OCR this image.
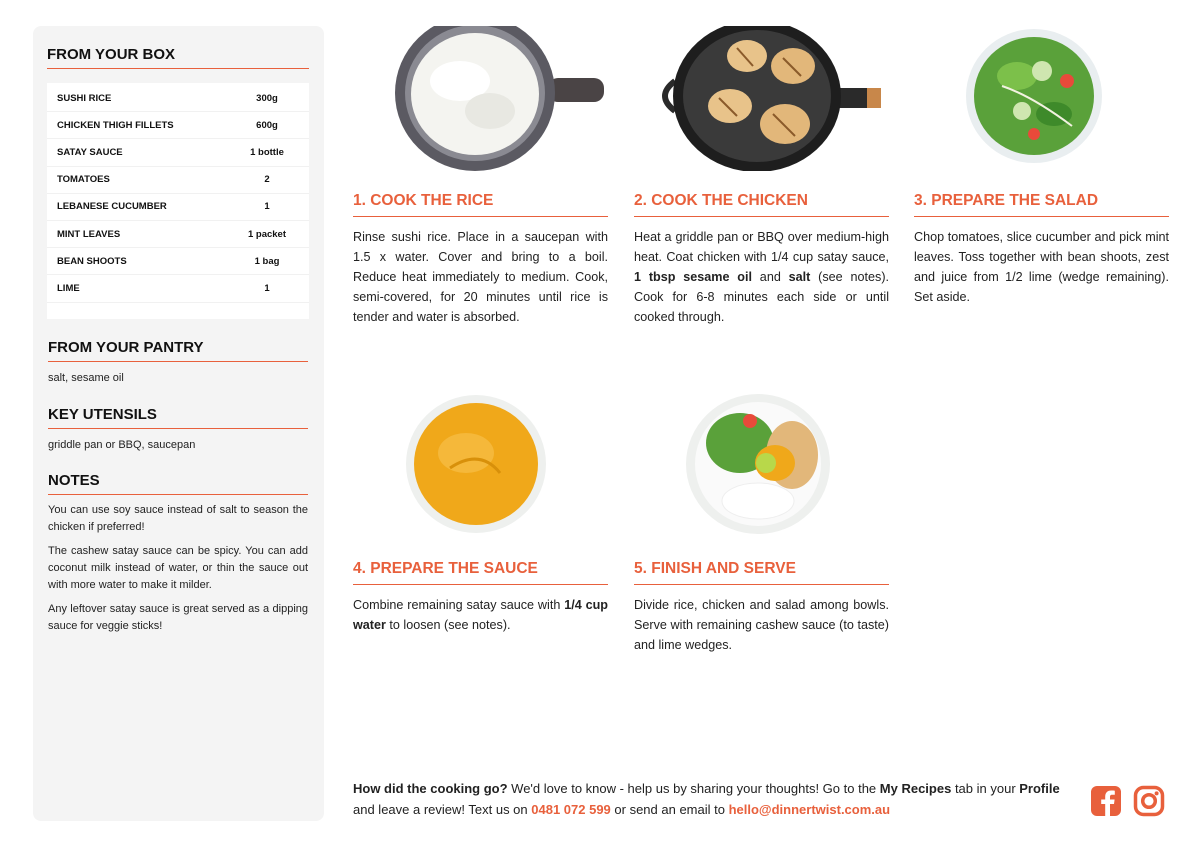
FROM YOUR BOX
SUSHI RICE	300g
CHICKEN THIGH FILLETS	600g
SATAY SAUCE	1 bottle
TOMATOES	2
LEBANESE CUCUMBER	1
MINT LEAVES	1 packet
BEAN SHOOTS	1 bag
LIME	1
FROM YOUR PANTRY
salt, sesame oil
KEY UTENSILS
griddle pan or BBQ, saucepan
NOTES

You can use soy sauce instead of salt to season the chicken if preferred!

The cashew satay sauce can be spicy. You can add coconut milk instead of water, or thin the sauce out with more water to make it milder.

Any leftover satay sauce is great served as a dipping sauce for veggie sticks!

1. COOK THE RICE
Rinse sushi rice. Place in a saucepan with 1.5 x water. Cover and bring to a boil. Reduce heat immediately to medium. Cook, semi-covered, for 20 minutes until rice is tender and water is absorbed.
2. COOK THE CHICKEN
Heat a griddle pan or BBQ over medium-high heat. Coat chicken with 1/4 cup satay sauce, 1 tbsp sesame oil and salt (see notes). Cook for 6-8 minutes each side or until cooked through.
3. PREPARE THE SALAD
Chop tomatoes, slice cucumber and pick mint leaves. Toss together with bean shoots, zest and juice from 1/2 lime (wedge remaining). Set aside.
4. PREPARE THE SAUCE
Combine remaining satay sauce with 1/4 cup water to loosen (see notes).
5. FINISH AND SERVE
Divide rice, chicken and salad among bowls. Serve with remaining cashew sauce (to taste) and lime wedges.
How did the cooking go? We'd love to know - help us by sharing your thoughts! Go to the My Recipes tab in your Profile and leave a review! Text us on 0481 072 599 or send an email to hello@dinnertwist.com.au
